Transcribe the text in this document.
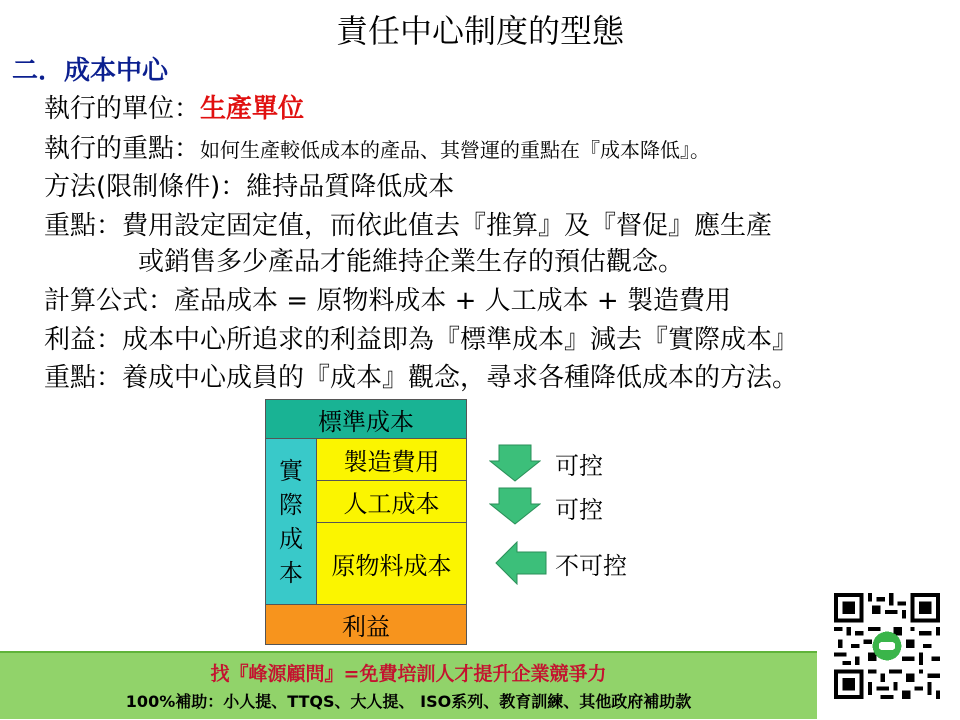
責任中心制度的型態
二．成本中心
執行的單位：生產單位
執行的重點：如何生產較低成本的產品、其營運的重點在『成本降低』。
方法(限制條件)：維持品質降低成本
重點：費用設定固定值，而依此值去『推算』及『督促』應生產
或銷售多少產品才能維持企業生存的預估觀念。
計算公式：產品成本 = 原物料成本 + 人工成本 + 製造費用
利益：成本中心所追求的利益即為『標準成本』減去『實際成本』
重點：養成中心成員的『成本』觀念，尋求各種降低成本的方法。
標準成本
實
際
成
本
製造費用
人工成本
原物料成本
利益
可控
可控
不可控
找『峰源顧問』=免費培訓人才提升企業競爭力
100%補助：小人提、TTQS、大人提、 ISO系列、教育訓練、其他政府補助款
